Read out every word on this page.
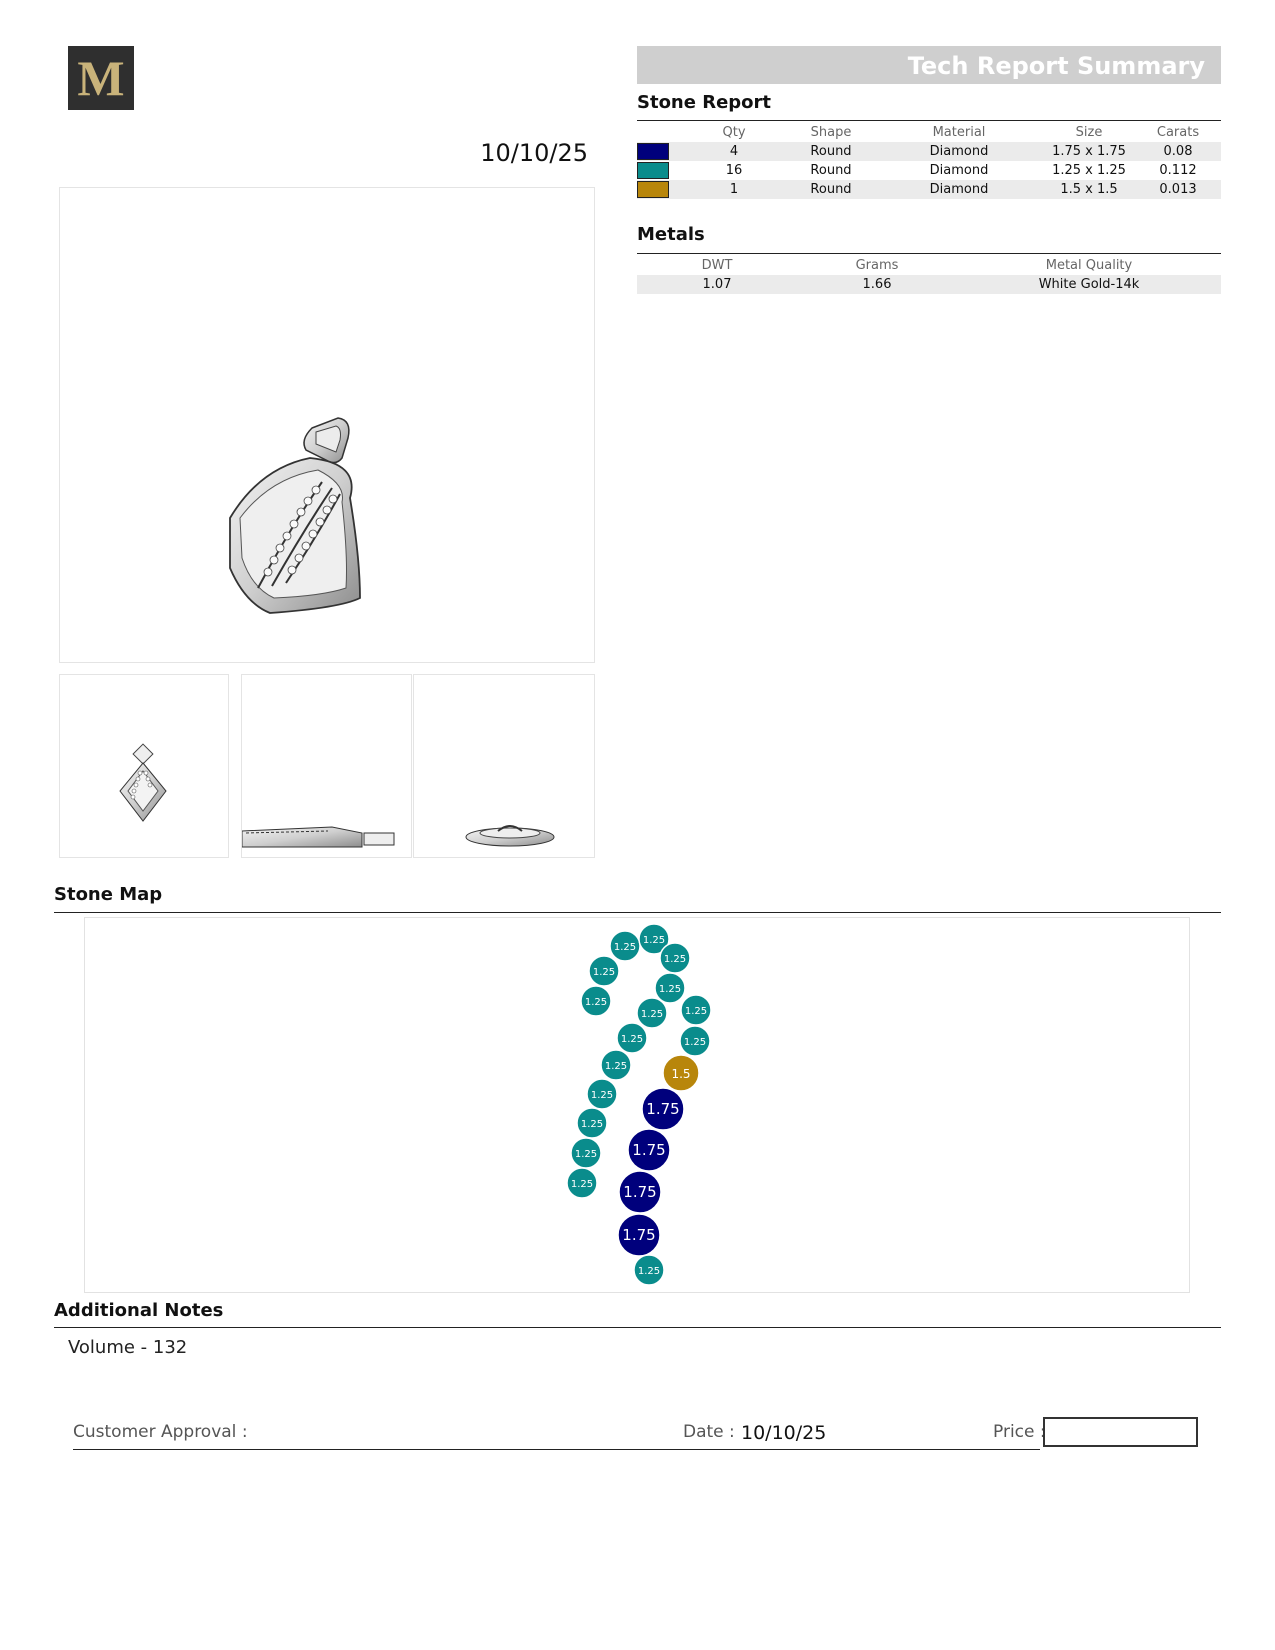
M
10/10/25
Tech Report Summary
Stone Report
	Qty	Shape	Material	Size	Carats
	4	Round	Diamond	1.75 x 1.75	0.08
	16	Round	Diamond	1.25 x 1.25	0.112
	1	Round	Diamond	1.5 x 1.5	0.013
Metals
DWT	Grams	Metal Quality
1.07	1.66	White Gold-14k
Stone Map
1.25
1.25
1.25
1.25
1.25
1.25
1.25 1.25
1.25	1.25
1.25
1.5
1.25
1.75
1.25
1.25 1.75
1.25 1.75
1.75
1.25
Additional Notes
Volume - 132
Customer Approval :	Date : 10/10/25	Price :
